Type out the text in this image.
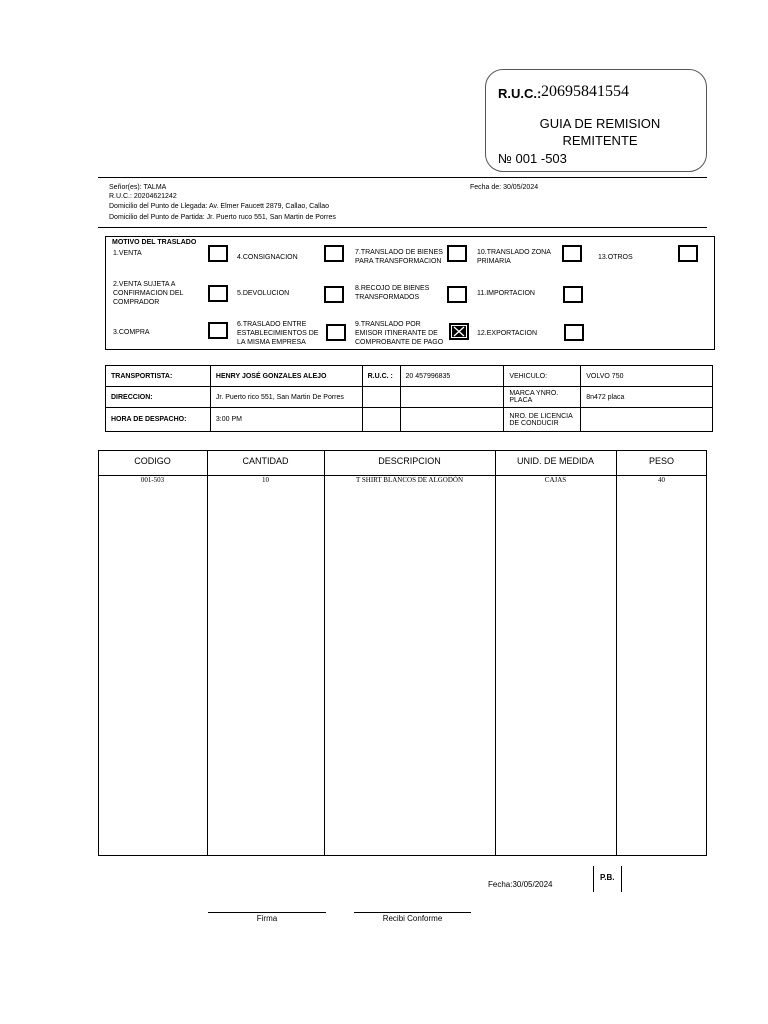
R.U.C.: 20695841554
GUIA DE REMISION
REMITENTE
№ 001 -503
Señor(es): TALMA
R.U.C.: 20204621242
Domicilio del Punto de Llegada: Av. Elmer Faucett 2879, Callao, Callao
Domicilio del Punto de Partida: Jr. Puerto ruco 551, San Martin de Porres
Fecha de: 30/05/2024
MOTIVO DEL TRASLADO
1.VENTA
2.VENTA SUJETA A
CONFIRMACION DEL
COMPRADOR
3.COMPRA
4.CONSIGNACION
5.DEVOLUCION
6.TRASLADO ENTRE
ESTABLECIMIENTOS DE
LA MISMA EMPRESA
7.TRANSLADO DE BIENES
PARA TRANSFORMACION
8.RECOJO DE BIENES
TRANSFORMADOS
9.TRANSLADO POR
EMISOR ITINERANTE DE
COMPROBANTE DE PAGO
10.TRANSLADO ZONA
PRIMARIA
11.IMPORTACION
12.EXPORTACION
13.OTROS
TRANSPORTISTA:	HENRY JOSÉ GONZALES ALEJO	R.U.C. :	20 457996835	VEHICULO:	VOLVO 750
DIRECCION:	Jr. Puerto rico 551, San Martin De Porres			MARCA YNRO.
PLACA	8n472 placa
HORA DE DESPACHO:	3:00 PM			NRO. DE LICENCIA
DE CONDUCIR	

CODIGO	CANTIDAD	DESCRIPCION	UNID. DE MEDIDA	PESO
001-503	10	T SHIRT BLANCOS DE ALGODÓN	CAJAS	40
Fecha:30/05/2024
P.B.
Firma	Recibi Conforme
